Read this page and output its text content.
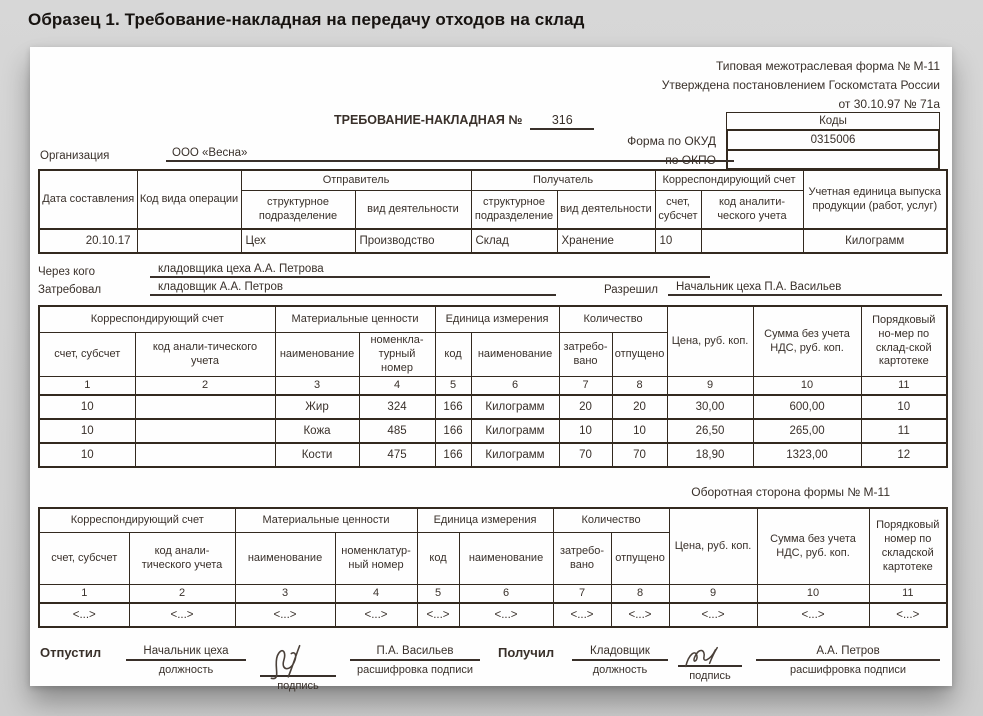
Образец 1. Требование-накладная на передачу отходов на склад
Типовая межотраслевая форма № М-11
Утверждена постановлением Госкомстата России
от 30.10.97 № 71а
ТРЕБОВАНИЕ-НАКЛАДНАЯ № 316
Форма по ОКУД
по ОКПО
Коды
0315006
Организация	ООО «Весна»
Дата составления	Код вида операции	Отправитель		Получатель		Корреспондирующий счет		Учетная единица выпуска продукции (работ, услуг)
		структурное подразделение	вид деятельности	структурное подразделение	вид деятельности	счет, субсчет	код аналити-ческого учета	
20.10.17		Цех	Производство	Склад	Хранение	10		Килограмм
Через кого	кладовщика цеха А.А. Петрова
Затребовал	кладовщик А.А. Петров	Разрешил	Начальник цеха П.А. Васильев
Корреспондирующий счет		Материальные ценности		Единица измерения		Количество		Цена, руб. коп.	Сумма без учета НДС, руб. коп.	Порядковый но-мер по склад-ской картотеке
счет, субсчет	код анали-тического учета	наименование	номенкла-турный номер	код	наименование	затребо-вано	отпущено			
1	2	3	4	5	6	7	8	9	10	11
10		Жир	324	166	Килограмм	20	20	30,00	600,00	10
10		Кожа	485	166	Килограмм	10	10	26,50	265,00	11
10		Кости	475	166	Килограмм	70	70	18,90	1323,00	12
Оборотная сторона формы № М-11
Корреспондирующий счет		Материальные ценности		Единица измерения		Количество		Цена, руб. коп.	Сумма без учета НДС, руб. коп.	Порядковый номер по складской картотеке
счет, субсчет	код анали-тического учета	наименование	номенклатур-ный номер	код	наименование	затребо-вано	отпущено			
1	2	3	4	5	6	7	8	9	10	11
<...>	<...>	<...>	<...>	<...>	<...>	<...>	<...>	<...>	<...>	<...>
Отпустил	Начальник цеха
должность
подпись
П.А. Васильев
расшифровка подписи
Получил	Кладовщик
должность	подпись
А.А. Петров
расшифровка подписи
